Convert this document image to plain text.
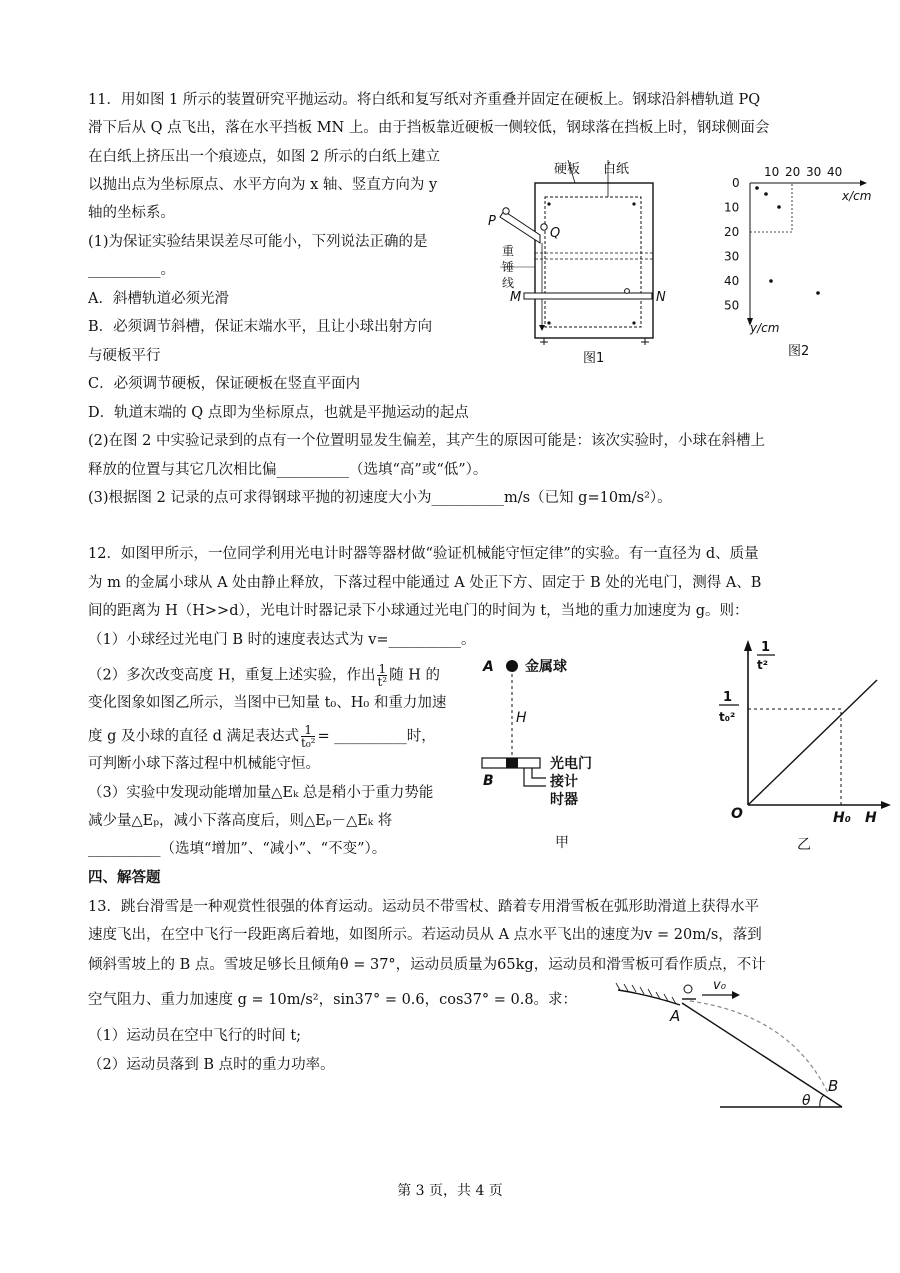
11．用如图 1 所示的装置研究平抛运动。将白纸和复写纸对齐重叠并固定在硬板上。钢球沿斜槽轨道 PQ
滑下后从 Q 点飞出，落在水平挡板 MN 上。由于挡板靠近硬板一侧较低，钢球落在挡板上时，钢球侧面会
在白纸上挤压出一个痕迹点，如图 2 所示的白纸上建立
以抛出点为坐标原点、水平方向为 x 轴、竖直方向为 y
轴的坐标系。
(1)为保证实验结果误差尽可能小，下列说法正确的是
__________。
A．斜槽轨道必须光滑
B．必须调节斜槽，保证末端水平，且让小球出射方向
与硬板平行
C．必须调节硬板，保证硬板在竖直平面内
D．轨道末端的 Q 点即为坐标原点，也就是平抛运动的起点
(2)在图 2 中实验记录到的点有一个位置明显发生偏差，其产生的原因可能是：该次实验时，小球在斜槽上
释放的位置与其它几次相比偏__________（选填“高”或“低”）。
(3)根据图 2 记录的点可求得钢球平抛的初速度大小为__________m/s（已知 g=10m/s²）。
硬板 白纸
P
Q
重
锤
线
M	N
图1
10 20 30 40
0
10
20
30
40
50
x/cm
y/cm
图2
12．如图甲所示，一位同学利用光电计时器等器材做“验证机械能守恒定律”的实验。有一直径为 d、质量
为 m 的金属小球从 A 处由静止释放，下落过程中能通过 A 处正下方、固定于 B 处的光电门，测得 A、B
间的距离为 H（H>>d），光电计时器记录下小球通过光电门的时间为 t，当地的重力加速度为 g。则：
（1）小球经过光电门 B 时的速度表达式为 v=__________。
（2）多次改变高度 H，重复上述实验，作出 $\frac{1}{\text{t²}}$ 随 H 的
变化图象如图乙所示，当图中已知量 t₀、H₀ 和重力加速
度 g 及小球的直径 d 满足表达式 $\frac{1}{\text{t₀²}}$ = __________时，
可判断小球下落过程中机械能守恒。
（3）实验中发现动能增加量△Eₖ 总是稍小于重力势能
减少量△Eₚ，减小下落高度后，则△Eₚ－△Eₖ 将
__________（选填“增加”、“减小”、“不变”）。
A 金属球
H
光电门
B	接计
时器
甲
1
t²
1
t₀²
O	H₀ H
乙
四、解答题
13．跳台滑雪是一种观赏性很强的体育运动。运动员不带雪杖、踏着专用滑雪板在弧形助滑道上获得水平
速度飞出，在空中飞行一段距离后着地，如图所示。若运动员从 A 点水平飞出的速度为v = 20m/s，落到
倾斜雪坡上的 B 点。雪坡足够长且倾角θ = 37°，运动员质量为65kg，运动员和滑雪板可看作质点，不计
空气阻力、重力加速度 g = 10m/s²，sin37° = 0.6，cos37° = 0.8。求：
（1）运动员在空中飞行的时间 t;
（2）运动员落到 B 点时的重力功率。
v₀
A
B
θ
第 3 页，共 4 页
